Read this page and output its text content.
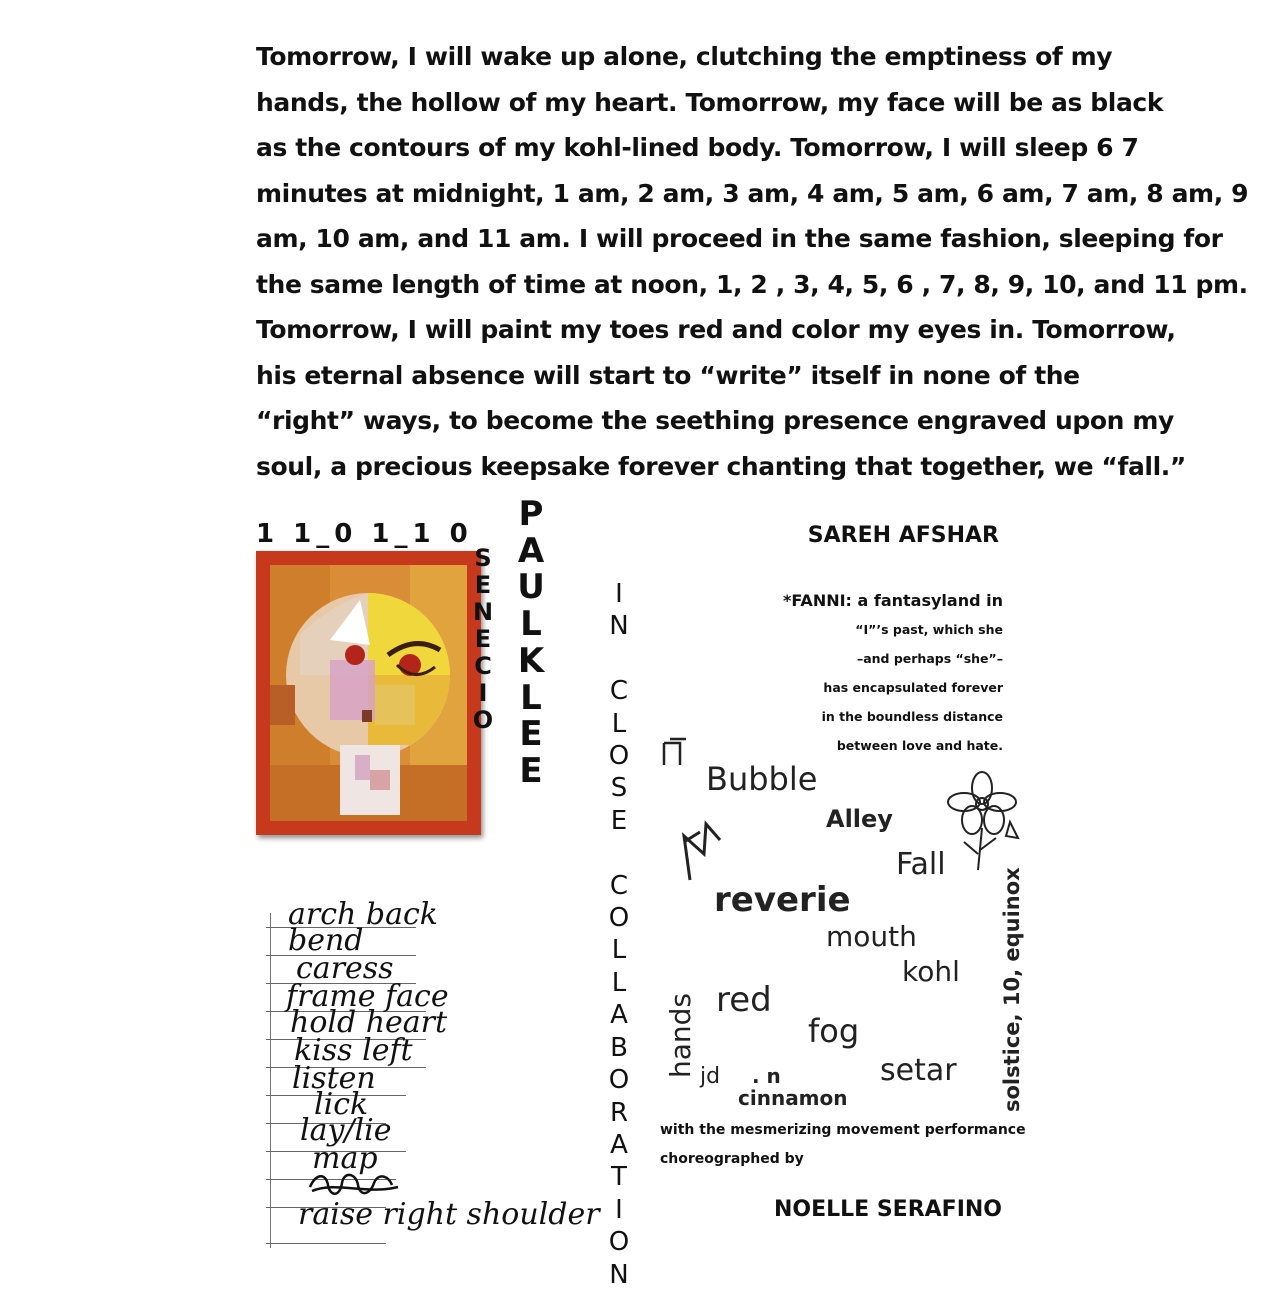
Tomorrow, I will wake up alone, clutching the emptiness of my

hands, the hollow of my heart. Tomorrow, my face will be as black

as the contours of my kohl-lined body. Tomorrow, I will sleep 6 7

minutes at midnight, 1 am, 2 am, 3 am, 4 am, 5 am, 6 am, 7 am, 8 am, 9

am, 10 am, and 11 am. I will proceed in the same fashion, sleeping for

the same length of time at noon, 1, 2 , 3, 4, 5, 6 , 7, 8, 9, 10, and 11 pm.

Tomorrow, I will paint my toes red and color my eyes in. Tomorrow,

his eternal absence will start to “write” itself in none of the

“right” ways, to become the seething presence engraved upon my

soul, a precious keepsake forever chanting that together, we “fall.”

1 1_0 1_1 0	SAREH AFSHAR
S
E
N
E
C
I
O
P
A
U
L
K
L
E
E
I
N

C
L
O
S
E

C
O
L
L
A
B
O
R
A
T
I
O
N

*FANNI: a fantasyland in

“I”’s past, which she

–and perhaps “she”–

has encapsulated forever

in the boundless distance

between love and hate.

Bubble
Alley
Fall
reverie
mouth
kohl
red
fog
setar
jd . n
cinnamon
hands	solstice, 10, equinox
with the mesmerizing movement performance
choreographed by
NOELLE SERAFINO
arch back
bend
caress
frame face
hold heart
kiss left
listen
lick
lay/lie
map
raise right shoulder
